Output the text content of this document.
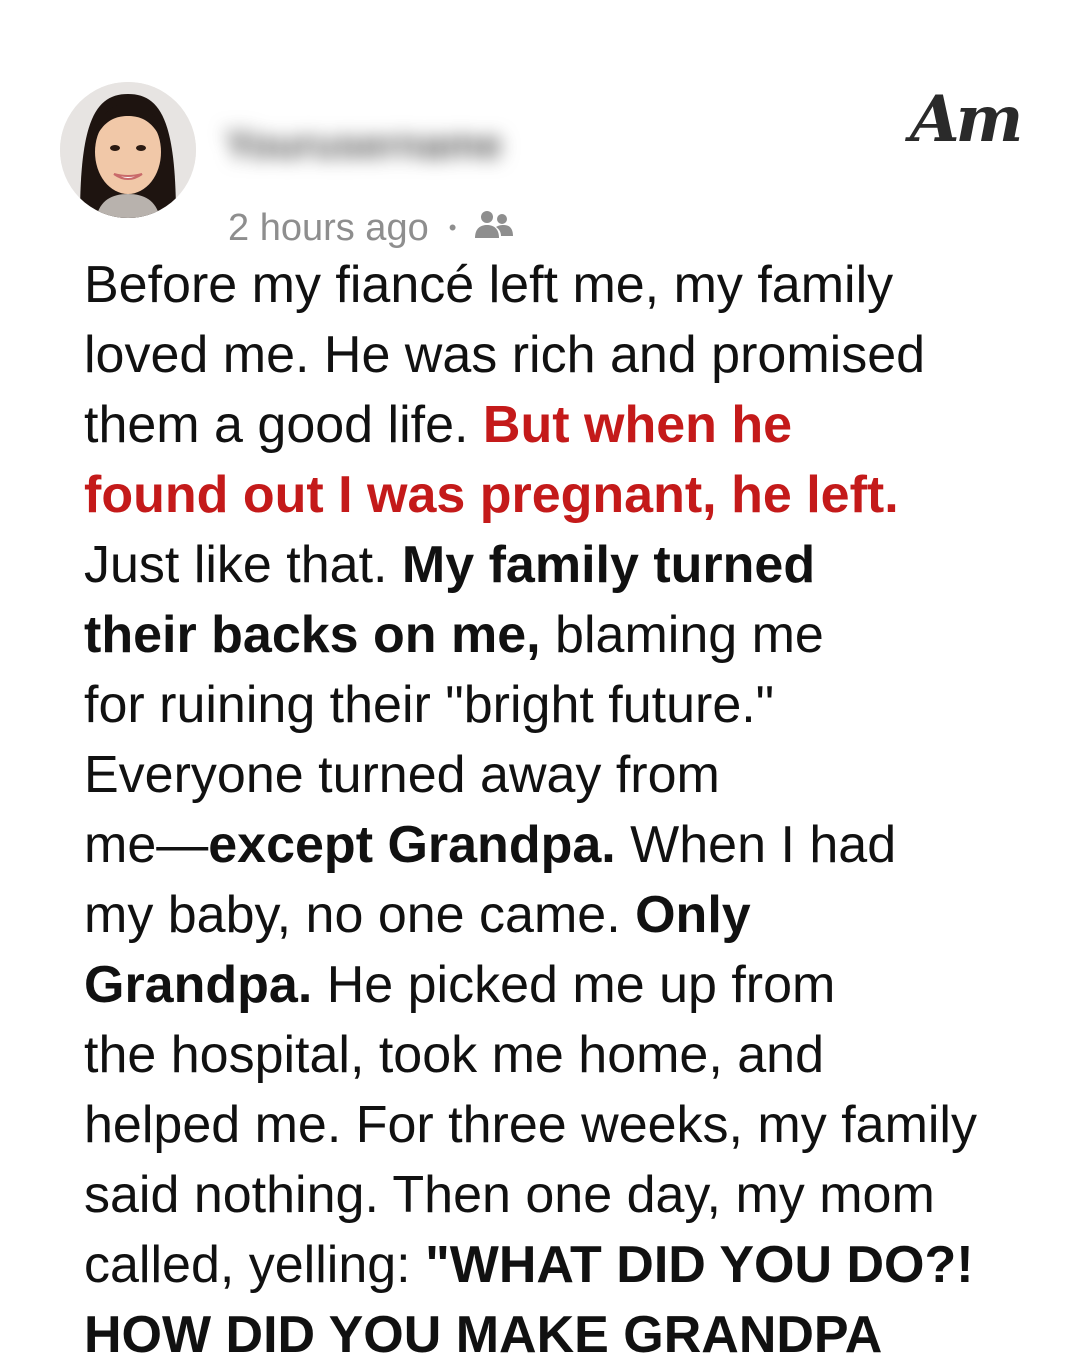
Yourusername
2 hours ago •
Am
Before my fiancé left me, my family
loved me. He was rich and promised
them a good life. But when he
found out I was pregnant, he left.
Just like that. My family turned
their backs on me, blaming me
for ruining their "bright future."
Everyone turned away from
me—except Grandpa. When I had
my baby, no one came. Only
Grandpa. He picked me up from
the hospital, took me home, and
helped me. For three weeks, my family
said nothing. Then one day, my mom
called, yelling: "WHAT DID YOU DO?!
HOW DID YOU MAKE GRANDPA
